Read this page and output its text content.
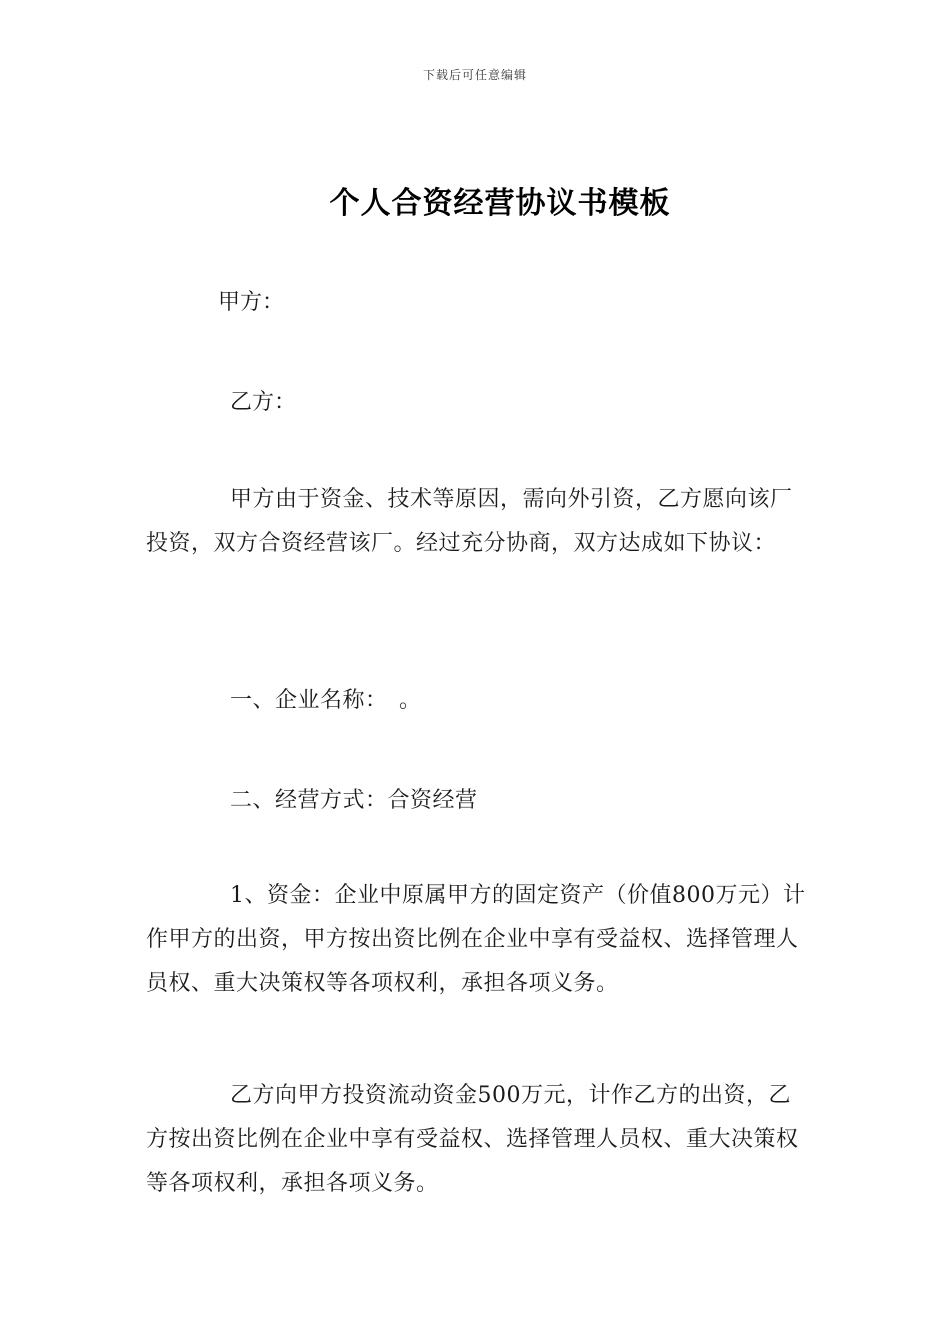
下载后可任意编辑
个人合资经营协议书模板
甲方：
乙方：

甲方由于资金、技术等原因，需向外引资，乙方愿向该厂投资，双方合资经营该厂。经过充分协商，双方达成如下协议：

一、企业名称：　。
二、经营方式：合资经营

1、资金：企业中原属甲方的固定资产（价值800万元）计作甲方的出资，甲方按出资比例在企业中享有受益权、选择管理人员权、重大决策权等各项权利，承担各项义务。

乙方向甲方投资流动资金500万元，计作乙方的出资，乙方按出资比例在企业中享有受益权、选择管理人员权、重大决策权等各项权利，承担各项义务。
